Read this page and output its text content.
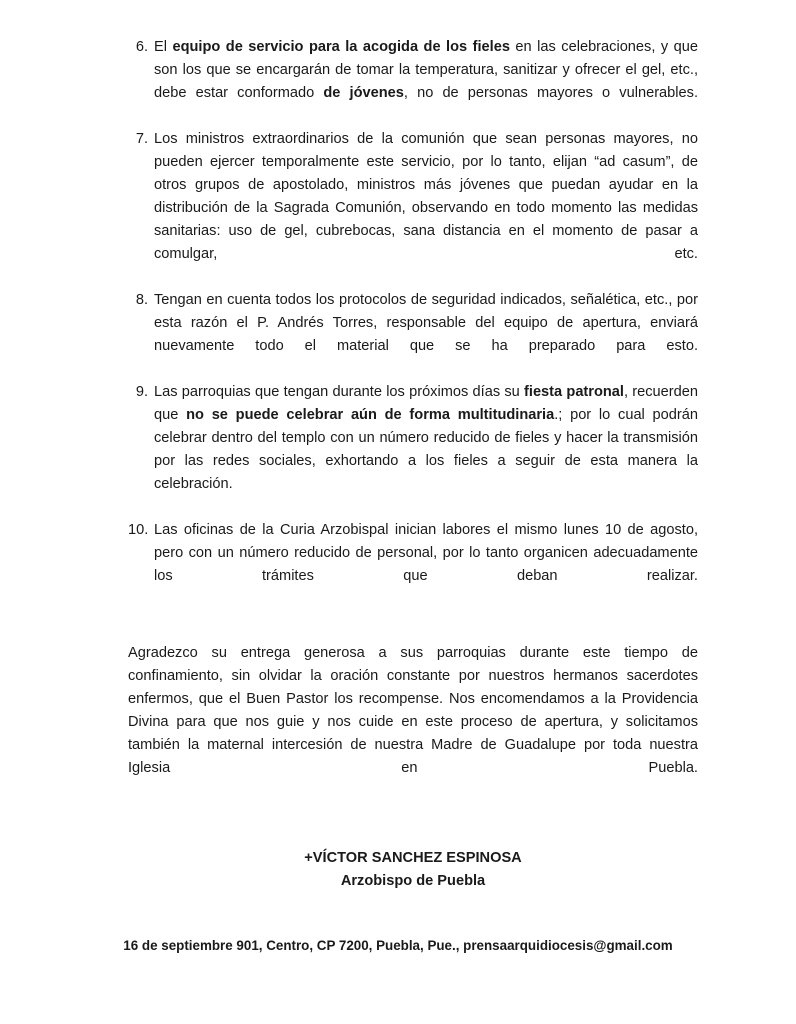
6. El equipo de servicio para la acogida de los fieles en las celebraciones, y que son los que se encargarán de tomar la temperatura, sanitizar y ofrecer el gel, etc., debe estar conformado de jóvenes, no de personas mayores o vulnerables.
7. Los ministros extraordinarios de la comunión que sean personas mayores, no pueden ejercer temporalmente este servicio, por lo tanto, elijan “ad casum”, de otros grupos de apostolado, ministros más jóvenes que puedan ayudar en la distribución de la Sagrada Comunión, observando en todo momento las medidas sanitarias: uso de gel, cubrebocas, sana distancia en el momento de pasar a comulgar, etc.
8. Tengan en cuenta todos los protocolos de seguridad indicados, señalética, etc., por esta razón el P. Andrés Torres, responsable del equipo de apertura, enviará nuevamente todo el material que se ha preparado para esto.
9. Las parroquias que tengan durante los próximos días su fiesta patronal, recuerden que no se puede celebrar aún de forma multitudinaria.; por lo cual podrán celebrar dentro del templo con un número reducido de fieles y hacer la transmisión por las redes sociales, exhortando a los fieles a seguir de esta manera la celebración.
10. Las oficinas de la Curia Arzobispal inician labores el mismo lunes 10 de agosto, pero con un número reducido de personal, por lo tanto organicen adecuadamente los trámites que deban realizar.

Agradezco su entrega generosa a sus parroquias durante este tiempo de confinamiento, sin olvidar la oración constante por nuestros hermanos sacerdotes enfermos, que el Buen Pastor los recompense. Nos encomendamos a la Providencia Divina para que nos guie y nos cuide en este proceso de apertura, y solicitamos también la maternal intercesión de nuestra Madre de Guadalupe por toda nuestra Iglesia en Puebla.

+VÍCTOR SANCHEZ ESPINOSA
Arzobispo de Puebla
16 de septiembre 901, Centro, CP 7200, Puebla, Pue., prensaarquidiocesis@gmail.com
